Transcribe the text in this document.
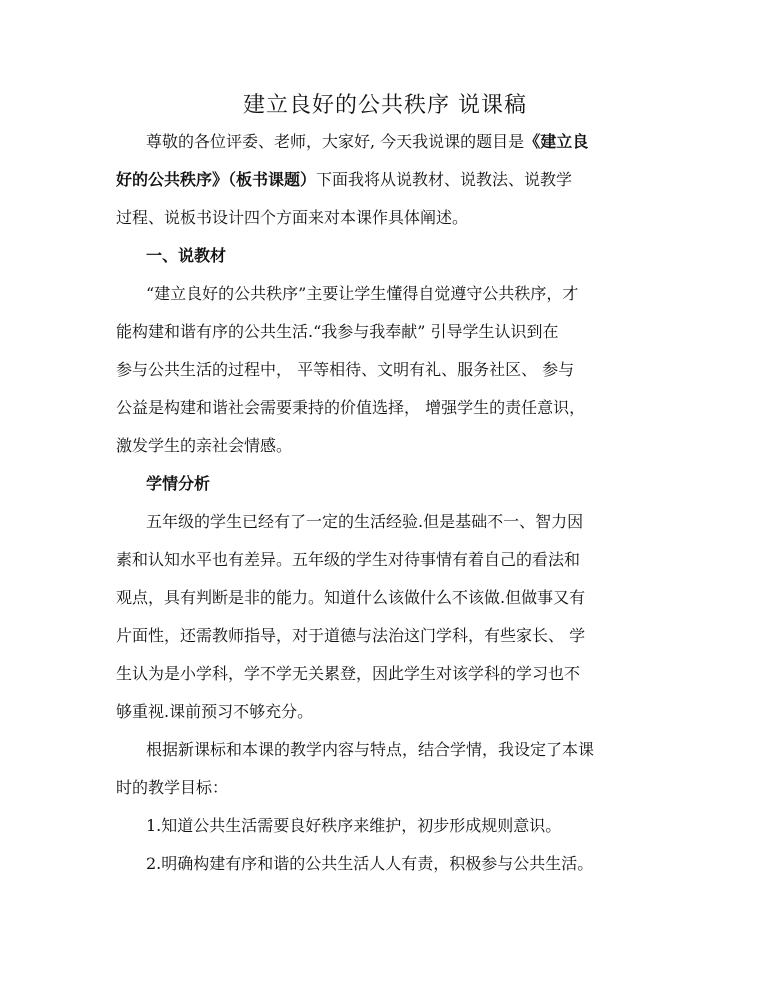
建立良好的公共秩序 说课稿
尊敬的各位评委、老师，大家好, 今天我说课的题目是《建立良
好的公共秩序》（板书课题）下面我将从说教材、说教法、说教学
过程、说板书设计四个方面来对本课作具体阐述。
一、说教材
“建立良好的公共秩序”主要让学生懂得自觉遵守公共秩序，才
能构建和谐有序的公共生活.“我参与我奉献” 引导学生认识到在
参与公共生活的过程中， 平等相待、文明有礼、服务社区、 参与
公益是构建和谐社会需要秉持的价值选择， 增强学生的责任意识，
激发学生的亲社会情感。
学情分析
五年级的学生已经有了一定的生活经验.但是基础不一、智力因
素和认知水平也有差异。五年级的学生对待事情有着自己的看法和
观点，具有判断是非的能力。知道什么该做什么不该做.但做事又有
片面性，还需教师指导，对于道德与法治这门学科，有些家长、 学
生认为是小学科，学不学无关累登，因此学生对该学科的学习也不
够重视.课前预习不够充分。
根据新课标和本课的教学内容与特点，结合学情，我设定了本课
时的教学目标：
1.知道公共生活需要良好秩序来维护，初步形成规则意识。
2.明确构建有序和谐的公共生活人人有责，积极参与公共生活。
